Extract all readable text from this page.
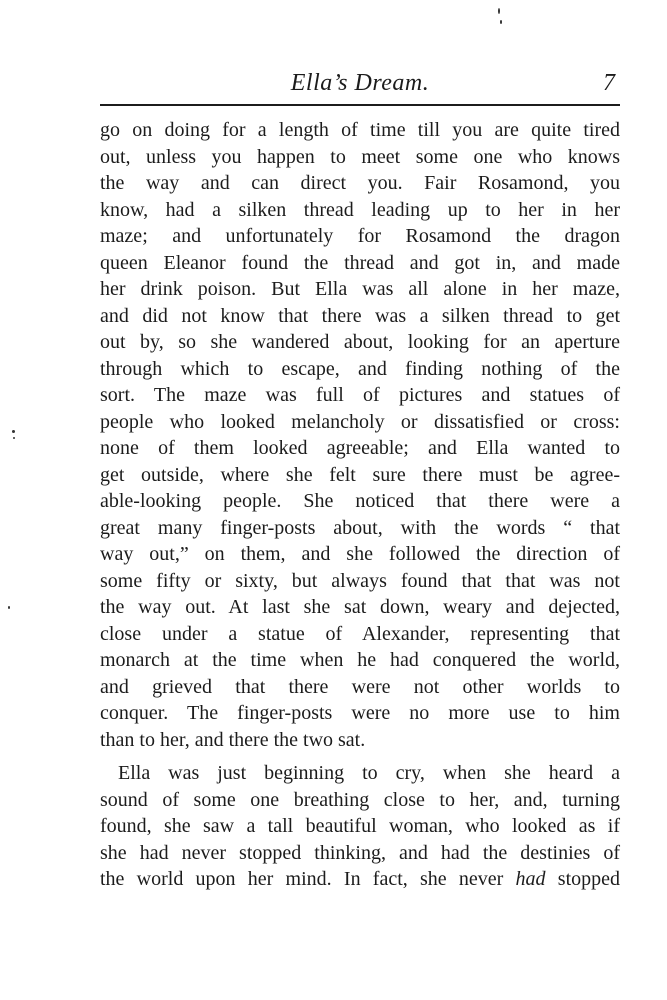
Ella’s Dream.	7
go on doing for a length of time till you are quite tired
out, unless you happen to meet some one who knows
the way and can direct you. Fair Rosamond, you
know, had a silken thread leading up to her in her
maze; and unfortunately for Rosamond the dragon
queen Eleanor found the thread and got in, and made
her drink poison. But Ella was all alone in her maze,
and did not know that there was a silken thread to get
out by, so she wandered about, looking for an aperture
through which to escape, and finding nothing of the
sort. The maze was full of pictures and statues of
people who looked melancholy or dissatisfied or cross:
none of them looked agreeable; and Ella wanted to
get outside, where she felt sure there must be agree-
able-looking people. She noticed that there were a
great many finger-posts about, with the words “ that
way out,” on them, and she followed the direction of
some fifty or sixty, but always found that that was not
the way out. At last she sat down, weary and dejected,
close under a statue of Alexander, representing that
monarch at the time when he had conquered the world,
and grieved that there were not other worlds to
conquer. The finger-posts were no more use to him
than to her, and there the two sat.
Ella was just beginning to cry, when she heard a
sound of some one breathing close to her, and, turning
found, she saw a tall beautiful woman, who looked as if
she had never stopped thinking, and had the destinies of
the world upon her mind. In fact, she never had stopped
